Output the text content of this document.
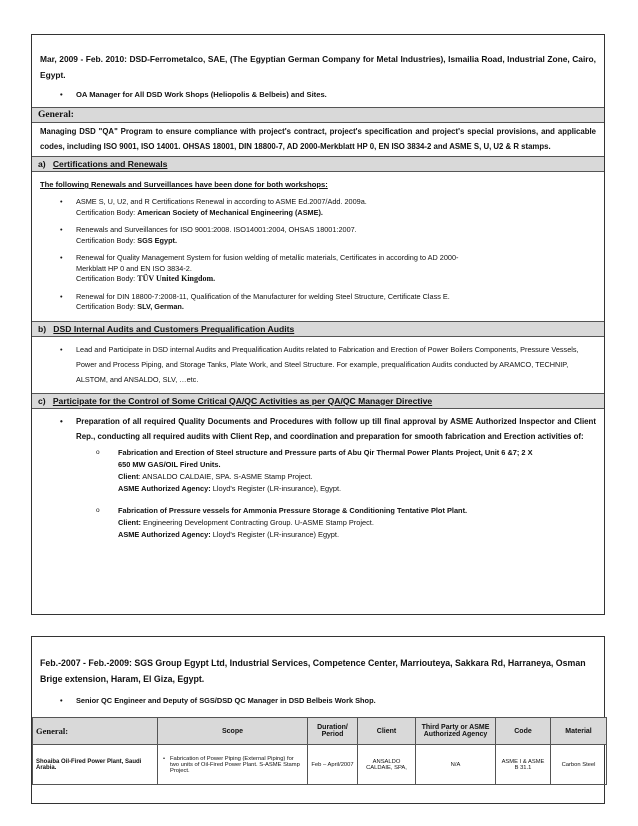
Mar, 2009 - Feb. 2010: DSD-Ferrometalco, SAE, (The Egyptian German Company for Metal Industries), Ismailia Road, Industrial Zone, Cairo, Egypt.
• OA Manager for All DSD Work Shops (Heliopolis & Belbeis) and Sites.
General:
Managing DSD "QA" Program to ensure compliance with project's contract, project's specification and project's special provisions, and applicable codes, including ISO 9001, ISO 14001. OHSAS 18001, DIN 18800-7, AD 2000-Merkblatt HP 0, EN ISO 3834-2 and ASME S, U, U2 & R stamps.
a) Certifications and Renewals
The following Renewals and Surveillances have been done for both workshops:
• ASME S, U, U2, and R Certifications Renewal in according to ASME Ed.2007/Add. 2009a.
Certification Body: American Society of Mechanical Engineering (ASME).
• Renewals and Surveillances for ISO 9001:2008. ISO14001:2004, OHSAS 18001:2007.
Certification Body: SGS Egypt.
• Renewal for Quality Management System for fusion welding of metallic materials, Certificates in according to AD 2000-Merkblatt HP 0 and EN ISO 3834-2.
Certification Body: TÜV United Kingdom.
• Renewal for DIN 18800-7:2008-11, Qualification of the Manufacturer for welding Steel Structure, Certificate Class E.
Certification Body: SLV, German.
b) DSD Internal Audits and Customers Prequalification Audits
• Lead and Participate in DSD internal Audits and Prequalification Audits related to Fabrication and Erection of Power Boilers Components, Pressure Vessels, Power and Process Piping, and Storage Tanks, Plate Work, and Steel Structure. For example, prequalification Audits conducted by ARAMCO, TECHNIP, ALSTOM, and ANSALDO, SLV, …etc.
c) Participate for the Control of Some Critical QA/QC Activities as per QA/QC Manager Directive
• Preparation of all required Quality Documents and Procedures with follow up till final approval by ASME Authorized Inspector and Client Rep., conducting all required audits with Client Rep, and coordination and preparation for smooth fabrication and Erection activities of:
o Fabrication and Erection of Steel structure and Pressure parts of Abu Qir Thermal Power Plants Project, Unit 6 &7; 2 X 650 MW GAS/OIL Fired Units.
Client: ANSALDO CALDAIE, SPA. S-ASME Stamp Project.
ASME Authorized Agency: Lloyd's Register (LR-insurance), Egypt.
o Fabrication of Pressure vessels for Ammonia Pressure Storage & Conditioning Tentative Plot Plant.
Client: Engineering Development Contracting Group. U-ASME Stamp Project.
ASME Authorized Agency: Lloyd's Register (LR-insurance) Egypt.
Feb.-2007 - Feb.-2009: SGS Group Egypt Ltd, Industrial Services, Competence Center, Marriouteya, Sakkara Rd, Harraneya, Osman Brige extension, Haram, El Giza, Egypt.
• Senior QC Engineer and Deputy of SGS/DSD QC Manager in DSD Belbeis Work Shop.
General:	Scope	Duration/ Period	Client	Third Party or ASME Authorized Agency	Code	Material
Shoaiba Oil-Fired Power Plant, Saudi Arabia.	• Fabrication of Power Piping (External Piping) for two units of Oil-Fired Power Plant. S-ASME Stamp Project.	Feb – April/2007	ANSALDO CALDAIE, SPA,	N/A	ASME I & ASME B 31.1	Carbon Steel
